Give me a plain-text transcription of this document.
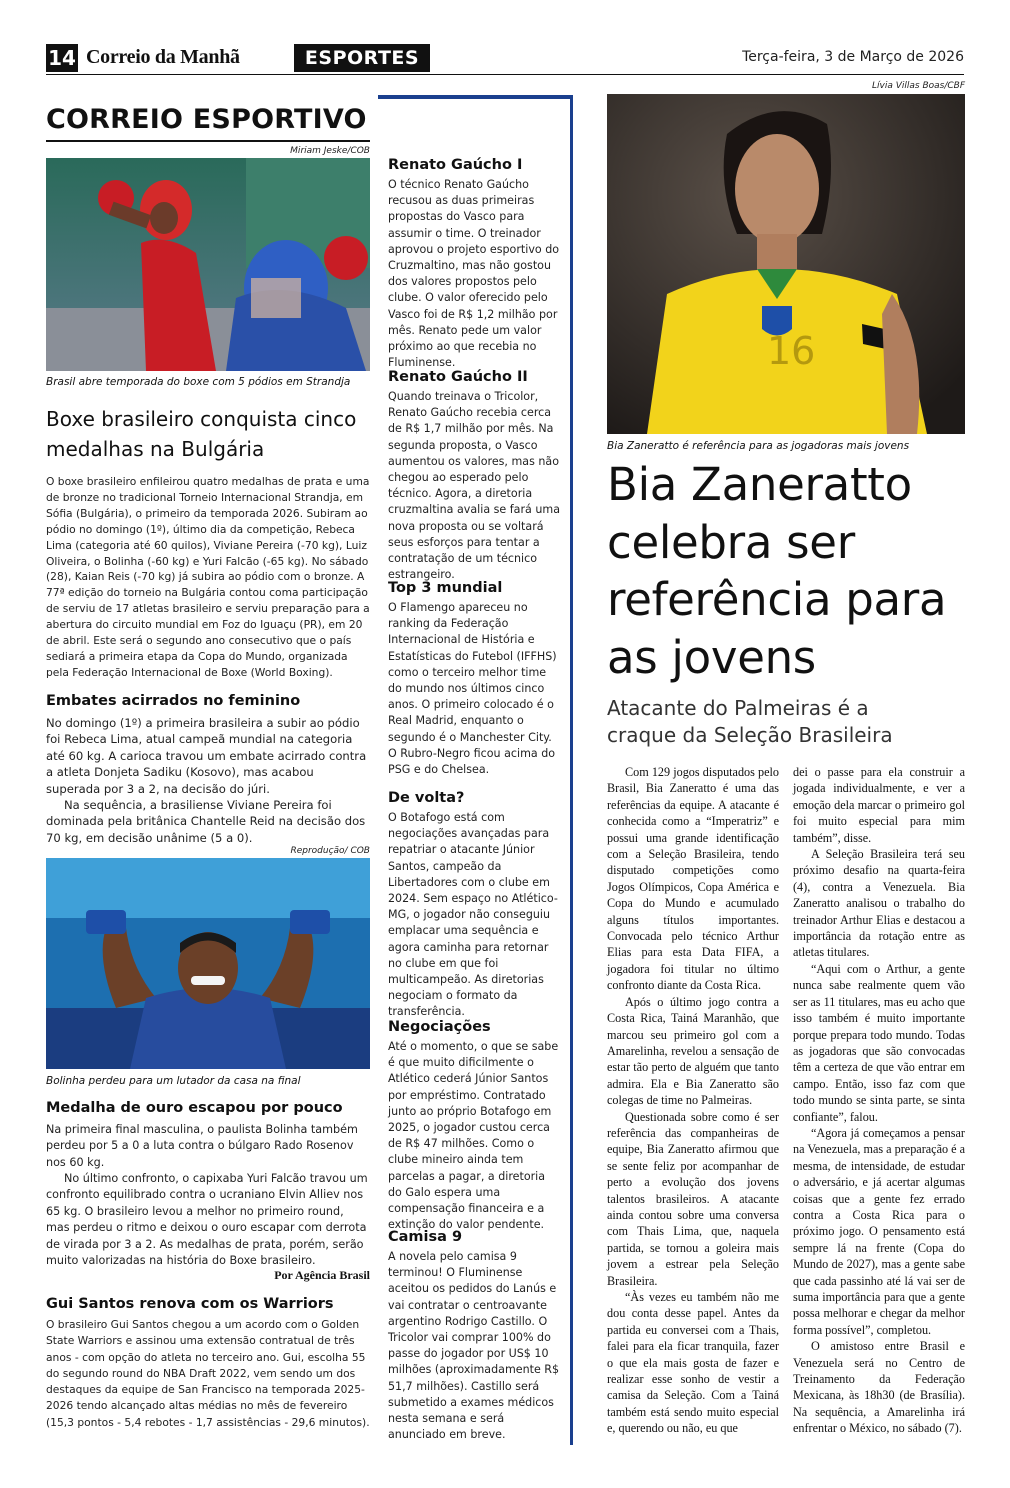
14 Correio da Manhã	ESPORTES	Terça-feira, 3 de Março de 2026
CORREIO ESPORTIVO
Miriam Jeske/COB
Brasil abre temporada do boxe com 5 pódios em Strandja
Boxe brasileiro conquista cinco medalhas na Bulgária
O boxe brasileiro enfileirou quatro medalhas de prata e uma de bronze no tradicional Torneio Internacional Strandja, em Sófia (Bulgária), o primeiro da temporada 2026. Subiram ao pódio no domingo (1º), último dia da competição, Rebeca Lima (categoria até 60 quilos), Viviane Pereira (-70 kg), Luiz Oliveira, o Bolinha (-60 kg) e Yuri Falcão (-65 kg). No sábado (28), Kaian Reis (-70 kg) já subira ao pódio com o bronze. A 77ª edição do torneio na Bulgária contou coma participação de serviu de 17 atletas brasileiro e serviu preparação para a abertura do circuito mundial em Foz do Iguaçu (PR), em 20 de abril. Este será o segundo ano consecutivo que o país sediará a primeira etapa da Copa do Mundo, organizada pela Federação Internacional de Boxe (World Boxing).
Embates acirrados no feminino
No domingo (1º) a primeira brasileira a subir ao pódio foi Rebeca Lima, atual campeã mundial na categoria até 60 kg. A carioca travou um embate acirrado contra a atleta Donjeta Sadiku (Kosovo), mas acabou superada por 3 a 2, na decisão do júri.
Na sequência, a brasiliense Viviane Pereira foi dominada pela britânica Chantelle Reid na decisão dos 70 kg, em decisão unânime (5 a 0).
Reprodução/ COB
Bolinha perdeu para um lutador da casa na final
Medalha de ouro escapou por pouco
Na primeira final masculina, o paulista Bolinha também perdeu por 5 a 0 a luta contra o búlgaro Rado Rosenov nos 60 kg.
No último confronto, o capixaba Yuri Falcão travou um confronto equilibrado contra o ucraniano Elvin Alliev nos 65 kg. O brasileiro levou a melhor no primeiro round, mas perdeu o ritmo e deixou o ouro escapar com derrota de virada por 3 a 2. As medalhas de prata, porém, serão muito valorizadas na história do Boxe brasileiro.
Por Agência Brasil
Gui Santos renova com os Warriors
O brasileiro Gui Santos chegou a um acordo com o Golden State Warriors e assinou uma extensão contratual de três anos - com opção do atleta no terceiro ano. Gui, escolha 55 do segundo round do NBA Draft 2022, vem sendo um dos destaques da equipe de San Francisco na temporada 2025-2026 tendo alcançado altas médias no mês de fevereiro (15,3 pontos - 5,4 rebotes - 1,7 assistências - 29,6 minutos).
Renato Gaúcho I
O técnico Renato Gaúcho recusou as duas primeiras propostas do Vasco para assumir o time. O treinador aprovou o projeto esportivo do Cruzmaltino, mas não gostou dos valores propostos pelo clube. O valor oferecido pelo Vasco foi de R$ 1,2 milhão por mês. Renato pede um valor próximo ao que recebia no Fluminense.
Renato Gaúcho II
Quando treinava o Tricolor, Renato Gaúcho recebia cerca de R$ 1,7 milhão por mês. Na segunda proposta, o Vasco aumentou os valores, mas não chegou ao esperado pelo técnico. Agora, a diretoria cruzmaltina avalia se fará uma nova proposta ou se voltará seus esforços para tentar a contratação de um técnico estrangeiro.
Top 3 mundial
O Flamengo apareceu no ranking da Federação Internacional de História e Estatísticas do Futebol (IFFHS) como o terceiro melhor time do mundo nos últimos cinco anos. O primeiro colocado é o Real Madrid, enquanto o segundo é o Manchester City. O Rubro-Negro ficou acima do PSG e do Chelsea.
De volta?
O Botafogo está com negociações avançadas para repatriar o atacante Júnior Santos, campeão da Libertadores com o clube em 2024. Sem espaço no Atlético-MG, o jogador não conseguiu emplacar uma sequência e agora caminha para retornar no clube em que foi multicampeão. As diretorias negociam o formato da transferência.
Negociações
Até o momento, o que se sabe é que muito dificilmente o Atlético cederá Júnior Santos por empréstimo. Contratado junto ao próprio Botafogo em 2025, o jogador custou cerca de R$ 47 milhões. Como o clube mineiro ainda tem parcelas a pagar, a diretoria do Galo espera uma compensação financeira e a extinção do valor pendente.
Camisa 9
A novela pelo camisa 9 terminou! O Fluminense aceitou os pedidos do Lanús e vai contratar o centroavante argentino Rodrigo Castillo. O Tricolor vai comprar 100% do passe do jogador por US$ 10 milhões (aproximadamente R$ 51,7 milhões). Castillo será submetido a exames médicos nesta semana e será anunciado em breve.
Lívia Villas Boas/CBF
16
Bia Zaneratto é referência para as jogadoras mais jovens
Bia Zaneratto celebra ser referência para as jovens
Atacante do Palmeiras é a craque da Seleção Brasileira
Com 129 jogos disputados pelo Brasil, Bia Zaneratto é uma das referências da equipe. A atacante é conhecida como a “Imperatriz” e possui uma grande identificação com a Seleção Brasileira, tendo disputado competições como Jogos Olímpicos, Copa América e Copa do Mundo e acumulado alguns títulos importantes. Convocada pelo técnico Arthur Elias para esta Data FIFA, a jogadora foi titular no último confronto diante da Costa Rica.
Após o último jogo contra a Costa Rica, Tainá Maranhão, que marcou seu primeiro gol com a Amarelinha, revelou a sensação de estar tão perto de alguém que tanto admira. Ela e Bia Zaneratto são colegas de time no Palmeiras.
Questionada sobre como é ser referência das companheiras de equipe, Bia Zaneratto afirmou que se sente feliz por acompanhar de perto a evolução dos jovens talentos brasileiros. A atacante ainda contou sobre uma conversa com Thais Lima, que, naquela partida, se tornou a goleira mais jovem a estrear pela Seleção Brasileira.
“Às vezes eu também não me dou conta desse papel. Antes da partida eu conversei com a Thais, falei para ela ficar tranquila, fazer o que ela mais gosta de fazer e realizar esse sonho de vestir a camisa da Seleção. Com a Tainá também está sendo muito especial e, querendo ou não, eu que
dei o passe para ela construir a jogada individualmente, e ver a emoção dela marcar o primeiro gol foi muito especial para mim também”, disse.
A Seleção Brasileira terá seu próximo desafio na quarta-feira (4), contra a Venezuela. Bia Zaneratto analisou o trabalho do treinador Arthur Elias e destacou a importância da rotação entre as atletas titulares.
“Aqui com o Arthur, a gente nunca sabe realmente quem vão ser as 11 titulares, mas eu acho que isso também é muito importante porque prepara todo mundo. Todas as jogadoras que são convocadas têm a certeza de que vão entrar em campo. Então, isso faz com que todo mundo se sinta parte, se sinta confiante”, falou.
“Agora já começamos a pensar na Venezuela, mas a preparação é a mesma, de intensidade, de estudar o adversário, e já acertar algumas coisas que a gente fez errado contra a Costa Rica para o próximo jogo. O pensamento está sempre lá na frente (Copa do Mundo de 2027), mas a gente sabe que cada passinho até lá vai ser de suma importância para que a gente possa melhorar e chegar da melhor forma possível”, completou.
O amistoso entre Brasil e Venezuela será no Centro de Treinamento da Federação Mexicana, às 18h30 (de Brasília). Na sequência, a Amarelinha irá enfrentar o México, no sábado (7).
